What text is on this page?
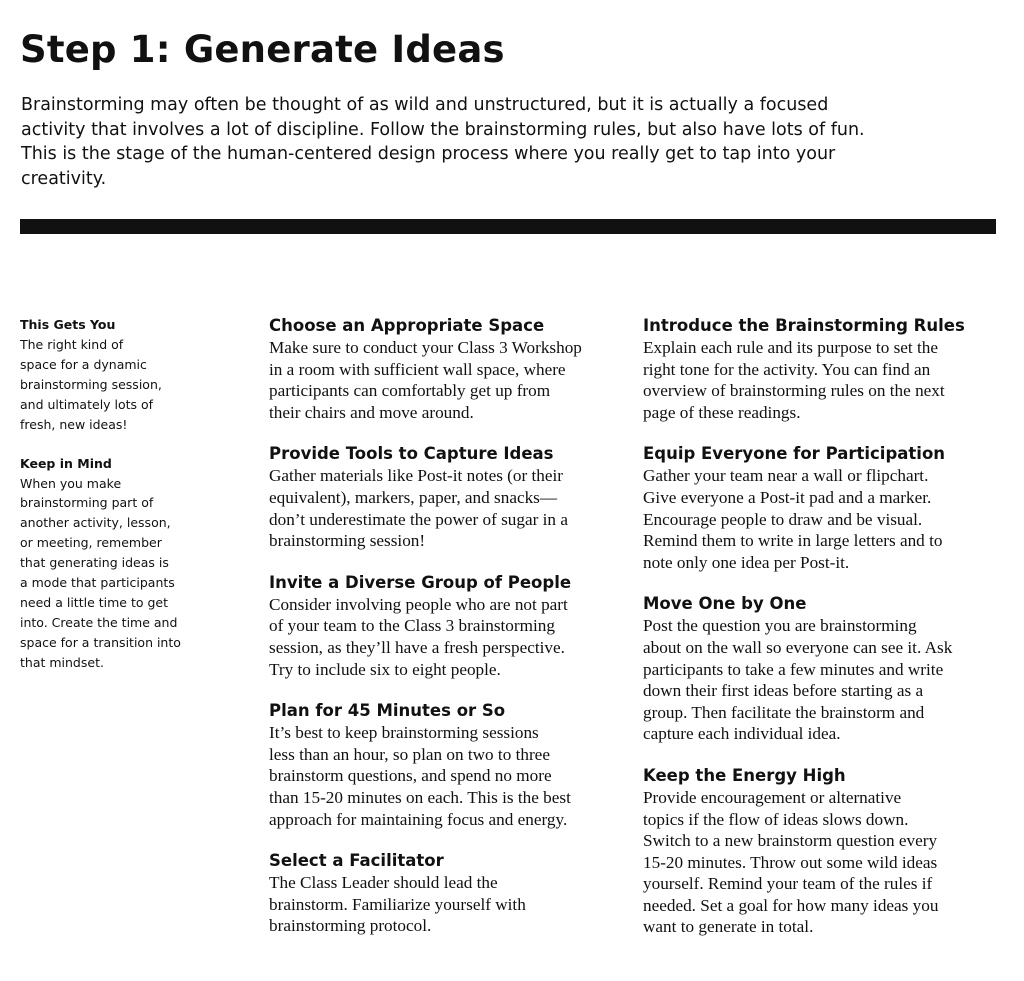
Step 1: Generate Ideas

Brainstorming may often be thought of as wild and unstructured, but it is actually a focused activity that involves a lot of discipline. Follow the brainstorming rules, but also have lots of fun. This is the stage of the human-centered design process where you really get to tap into your creativity.

This Gets You

The right kind of
space for a dynamic
brainstorming session,
and ultimately lots of
fresh, new ideas!

Keep in Mind

When you make
brainstorming part of
another activity, lesson,
or meeting, remember
that generating ideas is
a mode that participants
need a little time to get
into. Create the time and
space for a transition into
that mindset.

Choose an Appropriate Space

Make sure to conduct your Class 3 Workshop
in a room with sufficient wall space, where
participants can comfortably get up from
their chairs and move around.

Provide Tools to Capture Ideas

Gather materials like Post-it notes (or their
equivalent), markers, paper, and snacks—
don’t underestimate the power of sugar in a
brainstorming session!

Invite a Diverse Group of People

Consider involving people who are not part
of your team to the Class 3 brainstorming
session, as they’ll have a fresh perspective.
Try to include six to eight people.

Plan for 45 Minutes or So

It’s best to keep brainstorming sessions
less than an hour, so plan on two to three
brainstorm questions, and spend no more
than 15-20 minutes on each. This is the best
approach for maintaining focus and energy.

Select a Facilitator

The Class Leader should lead the
brainstorm. Familiarize yourself with
brainstorming protocol.

Introduce the Brainstorming Rules

Explain each rule and its purpose to set the
right tone for the activity. You can find an
overview of brainstorming rules on the next
page of these readings.

Equip Everyone for Participation

Gather your team near a wall or flipchart.
Give everyone a Post-it pad and a marker.
Encourage people to draw and be visual.
Remind them to write in large letters and to
note only one idea per Post-it.

Move One by One

Post the question you are brainstorming
about on the wall so everyone can see it. Ask
participants to take a few minutes and write
down their first ideas before starting as a
group. Then facilitate the brainstorm and
capture each individual idea.

Keep the Energy High

Provide encouragement or alternative
topics if the flow of ideas slows down.
Switch to a new brainstorm question every
15-20 minutes. Throw out some wild ideas
yourself. Remind your team of the rules if
needed. Set a goal for how many ideas you
want to generate in total.
